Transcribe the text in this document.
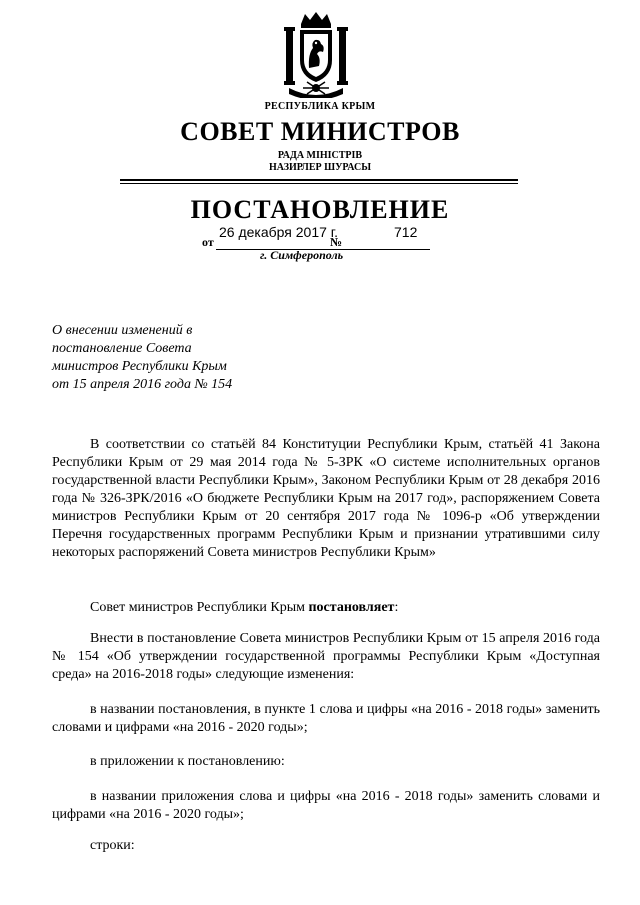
РЕСПУБЛИКА КРЫМ
СОВЕТ МИНИСТРОВ
РАДА МІНІСТРІВ
НАЗИРЛЕР ШУРАСЫ
ПОСТАНОВЛЕНИЕ
от
26 декабря 2017 г.
№
712
г. Симферополь
О внесении изменений в
постановление Совета
министров Республики Крым
от 15 апреля 2016 года № 154
В соответствии со статьёй 84 Конституции Республики Крым, статьёй 41 Закона Республики Крым от 29 мая 2014 года № 5-ЗРК «О системе исполнительных органов государственной власти Республики Крым», Законом Республики Крым от 28 декабря 2016 года № 326-ЗРК/2016 «О бюджете Республики Крым на 2017 год», распоряжением Совета министров Республики Крым от 20 сентября 2017 года № 1096-р «Об утверждении Перечня государственных программ Республики Крым и признании утратившими силу некоторых распоряжений Совета министров Республики Крым»
Совет министров Республики Крым постановляет:
Внести в постановление Совета министров Республики Крым от 15 апреля 2016 года № 154 «Об утверждении государственной программы Республики Крым «Доступная среда» на 2016-2018 годы» следующие изменения:
в названии постановления, в пункте 1 слова и цифры «на 2016 - 2018 годы» заменить словами и цифрами «на 2016 - 2020 годы»;
в приложении к постановлению:
в названии приложения слова и цифры «на 2016 - 2018 годы» заменить словами и цифрами «на 2016 - 2020 годы»;
строки:
